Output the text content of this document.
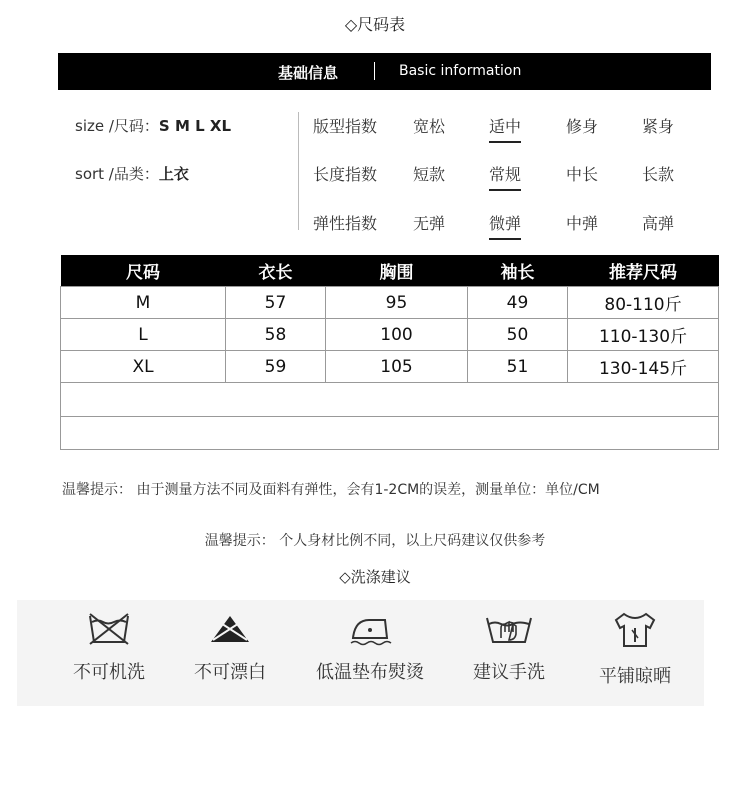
◇尺码表
基础信息	Basic information
size /尺码：S M L XL
sort /品类：上衣
版型指数 宽松	适中	修身	紧身
长度指数 短款	常规	中长	长款
弹性指数 无弹	微弹	中弹	高弹
尺码	衣长	胸围	袖长	推荐尺码
M	57	95	49	80-110斤
L	58	100	50	110-130斤
XL	59	105	51	130-145斤

温馨提示： 由于测量方法不同及面料有弹性，会有1-2CM的误差，测量单位：单位/CM
温馨提示： 个人身材比例不同，以上尺码建议仅供参考
◇洗涤建议
不可机洗	不可漂白	低温垫布熨烫	建议手洗	平铺晾晒
